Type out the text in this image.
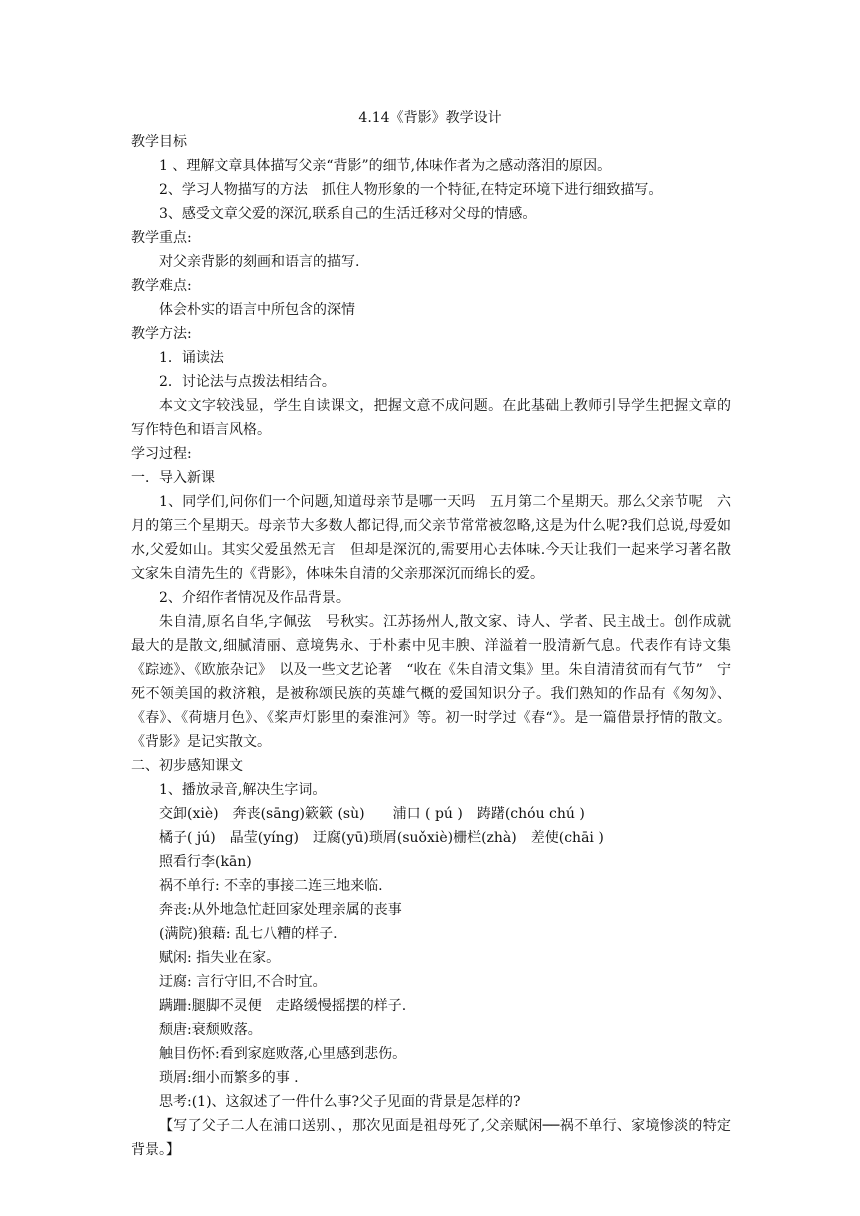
4.14《背影》教学设计
教学目标
1 、理解文章具体描写父亲“背影”的细节,体味作者为之感动落泪的原因。
2、学习人物描写的方法　抓住人物形象的一个特征,在特定环境下进行细致描写。
3、感受文章父爱的深沉,联系自己的生活迁移对父母的情感。
教学重点:
对父亲背影的刻画和语言的描写.
教学难点:
体会朴实的语言中所包含的深情
教学方法:
1．诵读法
2．讨论法与点拨法相结合。
本文文字较浅显，学生自读课文，把握文意不成问题。在此基础上教师引导学生把握文章的写作特色和语言风格。
学习过程:
一．导入新课
1、同学们,问你们一个问题,知道母亲节是哪一天吗　五月第二个星期天。那么父亲节呢　六月的第三个星期天。母亲节大多数人都记得,而父亲节常常被忽略,这是为什么呢?我们总说,母爱如水,父爱如山。其实父爱虽然无言　但却是深沉的,需要用心去体味.今天让我们一起来学习著名散文家朱自清先生的《背影》，体味朱自清的父亲那深沉而绵长的爱。
2、介绍作者情况及作品背景。
朱自清,原名自华,字佩弦　号秋实。江苏扬州人,散文家、诗人、学者、民主战士。创作成就最大的是散文,细腻清丽、意境隽永、于朴素中见丰腴、洋溢着一股清新气息。代表作有诗文集《踪迹》、《欧旅杂记》　以及一些文艺论著　“收在《朱自清文集》里。朱自清清贫而有气节”　宁死不领美国的救济粮，是被称颂民族的英雄气概的爱国知识分子。我们熟知的作品有《匆匆》、《春》、《荷塘月色》、《桨声灯影里的秦淮河》等。初一时学过《春“》。是一篇借景抒情的散文。《背影》是记实散文。
二、初步感知课文
1、播放录音,解决生字词。
交卸(xiè)　奔丧(sāng)簌簌 (sù)　　浦口 ( pú )　踌躇(chóu chú )
橘子( jú)　晶莹(yíng)　迂腐(yū)琐屑(suǒxiè)栅栏(zhà)　差使(chāi )
照看行李(kān)
祸不单行: 不幸的事接二连三地来临.
奔丧:从外地急忙赶回家处理亲属的丧事
(满院)狼藉: 乱七八糟的样子.
赋闲: 指失业在家。
迂腐: 言行守旧,不合时宜。
蹒跚:腿脚不灵便　走路缓慢摇摆的样子.
颓唐:衰颓败落。
触目伤怀:看到家庭败落,心里感到悲伤。
琐屑:细小而繁多的事 .
思考:(1)、这叙述了一件什么事?父子见面的背景是怎样的?
【写了父子二人在浦口送别、，那次见面是祖母死了,父亲赋闲──祸不单行、家境惨淡的特定背景。】
